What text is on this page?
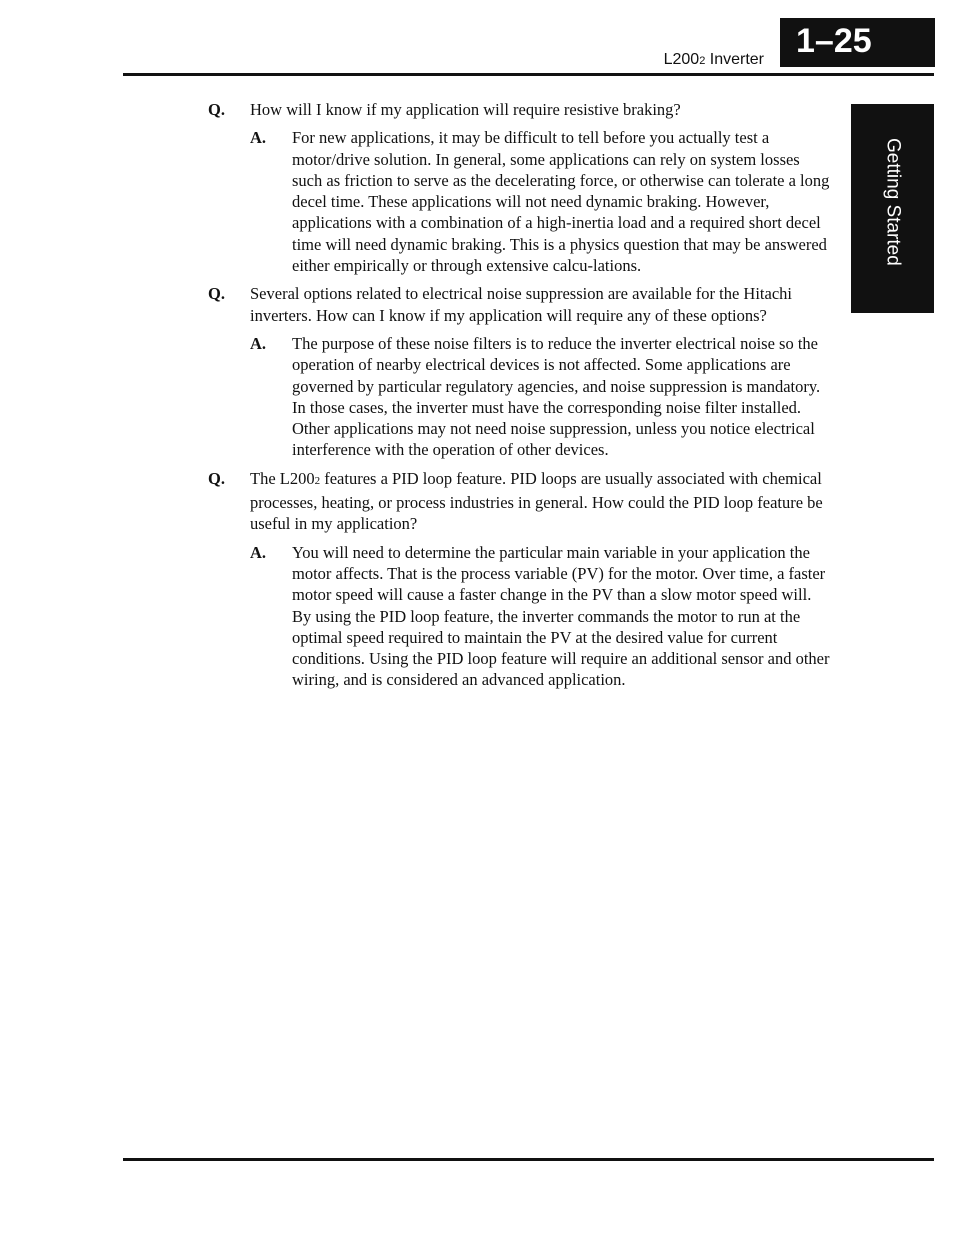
1–25
L2002 Inverter
Getting Started
Q.	How will I know if my application will require resistive braking?
A.	For new applications, it may be difficult to tell before you actually test a motor/drive solution. In general, some applications can rely on system losses such as friction to serve as the decelerating force, or otherwise can tolerate a long decel time. These applications will not need dynamic braking. However, applications with a combination of a high-inertia load and a required short decel time will need dynamic braking. This is a physics question that may be answered either empirically or through extensive calcu-lations.
Q.	Several options related to electrical noise suppression are available for the Hitachi inverters. How can I know if my application will require any of these options?
A.	The purpose of these noise filters is to reduce the inverter electrical noise so the operation of nearby electrical devices is not affected. Some applications are governed by particular regulatory agencies, and noise suppression is mandatory. In those cases, the inverter must have the corresponding noise filter installed. Other applications may not need noise suppression, unless you notice electrical interference with the operation of other devices.
Q.	The L2002 features a PID loop feature. PID loops are usually associated with chemical processes, heating, or process industries in general. How could the PID loop feature be useful in my application?
A.	You will need to determine the particular main variable in your application the motor affects. That is the process variable (PV) for the motor. Over time, a faster motor speed will cause a faster change in the PV than a slow motor speed will. By using the PID loop feature, the inverter commands the motor to run at the optimal speed required to maintain the PV at the desired value for current conditions. Using the PID loop feature will require an additional sensor and other wiring, and is considered an advanced application.
